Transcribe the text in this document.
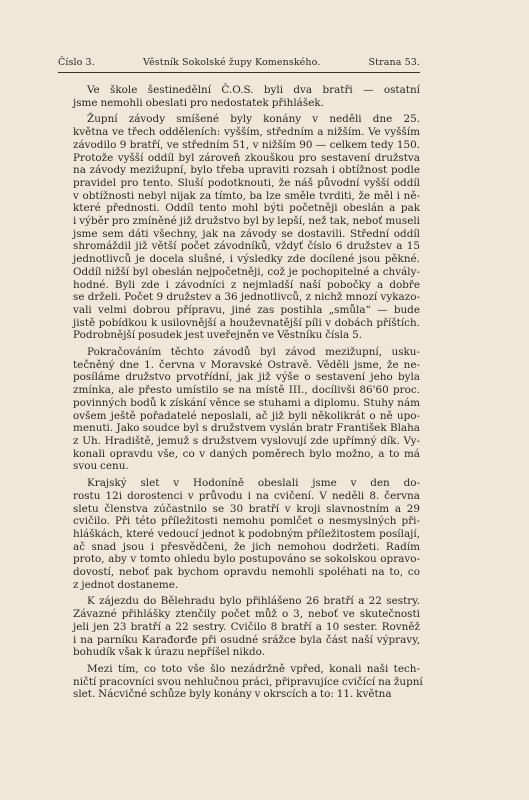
Číslo 3.	Věstník Sokolské župy Komenského.	Strana 53.
Ve škole šestinedělní Č.O.S. byli dva bratři — ostatní
jsme nemohli obeslati pro nedostatek přihlášek.
Župní závody smíšené byly konány v neděli dne 25.
května ve třech odděleních: vyšším, středním a nižším. Ve vyšším
závodilo 9 bratří, ve středním 51, v nižším 90 — celkem tedy 150.
Protože vyšší oddíl byl zároveň zkouškou pro sestavení družstva
na závody mezižupní, bylo třeba upraviti rozsah i obtížnost podle
pravidel pro tento. Sluší podotknouti, že náš původní vyšší oddíl
v obtížnosti nebyl nijak za tímto, ba lze směle tvrditi, že měl i ně-
které přednosti. Oddíl tento mohl býti početněji obeslán a pak
i výběr pro zmíněné již družstvo byl by lepší, než tak, neboť museli
jsme sem dáti všechny, jak na závody se dostavili. Střední oddíl
shromáždil již větší počet závodníků, vždyť číslo 6 družstev a 15
jednotlivců je docela slušné, i výsledky zde docílené jsou pěkné.
Oddíl nižší byl obeslán nejpočetněji, což je pochopitelné a chvály-
hodné. Byli zde i závodníci z nejmladší naší pobočky a dobře
se drželi. Počet 9 družstev a 36 jednotlivců, z nichž mnozí vykazo-
vali velmi dobrou přípravu, jiné zas postihla „smůla“ — bude
jistě pobídkou k usilovnější a houževnatější píli v dobách příštích.
Podrobnější posudek jest uveřejněn ve Věstníku čísla 5.
Pokračováním těchto závodů byl závod mezižupní, usku-
tečněný dne 1. června v Moravské Ostravě. Věděli jsme, že ne-
posíláme družstvo prvotřídní, jak již výše o sestavení jeho byla
zmínka, ale přesto umístilo se na místě III., docílivši 86'60 proc.
povinných bodů k získání věnce se stuhami a diplomu. Stuhy nám
ovšem ještě pořadatelé neposlali, ač již byli několikrát o ně upo-
menuti. Jako soudce byl s družstvem vyslán bratr František Blaha
z Uh. Hradiště, jemuž s družstvem vyslovují zde upřímný dík. Vy-
konali opravdu vše, co v daných poměrech bylo možno, a to má
svou cenu.
Krajský slet v Hodoníně obeslali jsme v den do-
rostu 12i dorostenci v průvodu i na cvičení. V neděli 8. června
sletu členstva zúčastnilo se 30 bratří v kroji slavnostním a 29
cvičilo. Při této příležitosti nemohu pomlčet o nesmyslných při-
hláškách, které vedoucí jednot k podobným příležitostem posílají,
ač snad jsou i přesvědčeni, že jich nemohou dodržeti. Radím
proto, aby v tomto ohledu bylo postupováno se sokolskou opravo-
dovostí, neboť pak bychom opravdu nemohli spoléhati na to, co
z jednot dostaneme.
K zájezdu do Bělehradu bylo přihlášeno 26 bratří a 22 sestry.
Závazné přihlášky ztenčily počet můž o 3, neboť ve skutečnosti
jeli jen 23 bratří a 22 sestry. Cvičilo 8 bratří a 10 sester. Rovněž
i na parníku Karađorđe při osudné srážce byla část naší výpravy,
bohudík však k úrazu nepříšel nikdo.
Mezi tím, co toto vše šlo nezádržně vpřed, konali naši tech-
ničtí pracovníci svou nehlučnou práci, připravujíce cvičící na župní
slet. Nácvičné schůze byly konány v okrscích a to: 11. května
